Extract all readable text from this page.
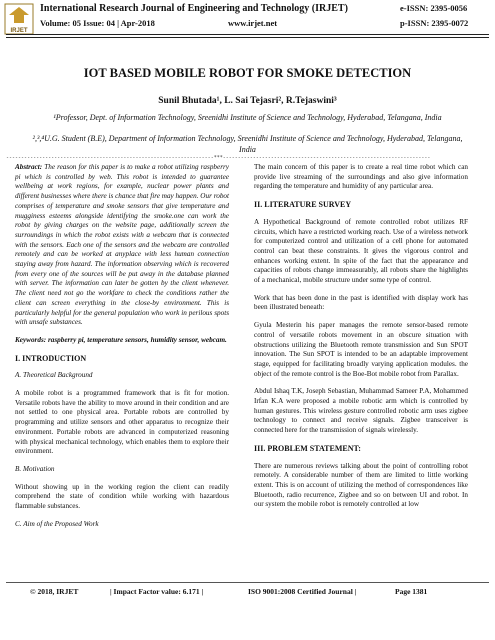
IRJET
International Research Journal of Engineering and Technology (IRJET)	e-ISSN: 2395-0056
Volume: 05 Issue: 04 | Apr-2018	www.irjet.net	p-ISSN: 2395-0072
IOT BASED MOBILE ROBOT FOR SMOKE DETECTION
Sunil Bhutada¹, L. Sai Tejasri², R.Tejaswini³
¹Professor, Dept. of Information Technology, Sreenidhi Institute of Science and Technology, Hyderabad, Telangana, India
²,³,⁴U.G. Student (B.E), Department of Information Technology, Sreenidhi Institute of Science and Technology, Hyderabad, Telangana, India
---------------------------------------------------------------------***---------------------------------------------------------------------

Abstract: The reason for this paper is to make a robot utilizing raspberry pi which is controlled by web. This robot is intended to guarantee wellbeing at work regions, for example, nuclear power plants and different businesses where there is chance that fire may happen. Our robot comprises of temperature and smoke sensors that give temperature and mugginess esteems alongside identifying the smoke.one can work the robot by giving charges on the website page, additionally screen the surroundings in which the robot exists with a webcam that is connected with the sensors. Each one of the sensors and the webcam are controlled remotely and can be worked at anyplace with less human connection staying away from hazard. The information observing which is recovered from every one of the sources will be put away in the database planned with server. The information can later be gotten by the client whenever. The client need not go the workfare to check the conditions rather the client can screen everything in the close-by environment. This is particularly helpful for the general population who work in perilous spots with unsafe substances.

Keywords: raspberry pi, temperature sensors, humidity sensor, webcam.

I. INTRODUCTION
A. Theoretical Background

A mobile robot is a programmed framework that is fit for motion. Versatile robots have the ability to move around in their condition and are not settled to one physical area. Portable robots are controlled by programming and utilize sensors and other apparatus to recognize their environment. Portable robots are advanced in computerized reasoning with physical mechanical technology, which enables them to explore their environment.

B. Motivation

Without showing up in the working region the client can readily comprehend the state of condition while working with hazardous flammable substances.

C. Aim of the Proposed Work

The main concern of this paper is to create a real time robot which can provide live streaming of the surroundings and also give information regarding the temperature and humidity of any particular area.

II. LITERATURE SURVEY

A Hypothetical Background of remote controlled robot utilizes RF circuits, which have a restricted working reach. Use of a wireless network for computerized control and utilization of a cell phone for automated control can beat these constraints. It gives the vigorous control and enhances working extent. In spite of the fact that the appearance and capacities of robots change immeasurably, all robots share the highlights of a mechanical, mobile structure under some type of control.

Work that has been done in the past is identified with display work has been illustrated beneath:

Gyula Mesterin his paper manages the remote sensor-based remote control of versatile robots movement in an obscure situation with obstructions utilizing the Bluetooth remote transmission and Sun SPOT innovation. The Sun SPOT is intended to be an adaptable improvement stage, equipped for facilitating broadly varying application modules. the object of the remote control is the Boe-Bot mobile robot from Parallax.

Abdul Ishaq T.K, Joseph Sebastian, Muhammad Sameer P.A, Mohammed Irfan K.A were proposed a mobile robotic arm which is controlled by human gestures. This wireless gesture controlled robotic arm uses zigbee technology to connect and receive signals. Zigbee transceiver is connected here for the transmission of signals wirelessly.

III. PROBLEM STATEMENT:

There are numerous reviews talking about the point of controlling robot remotely. A considerable number of them are limited to little working extent. This is on account of utilizing the method of correspondences like Bluetooth, radio recurrence, Zigbee and so on between UI and robot. In our system the mobile robot is remotely controlled at low

© 2018, IRJET	| Impact Factor value: 6.171 |	ISO 9001:2008 Certified Journal |	Page 1381
